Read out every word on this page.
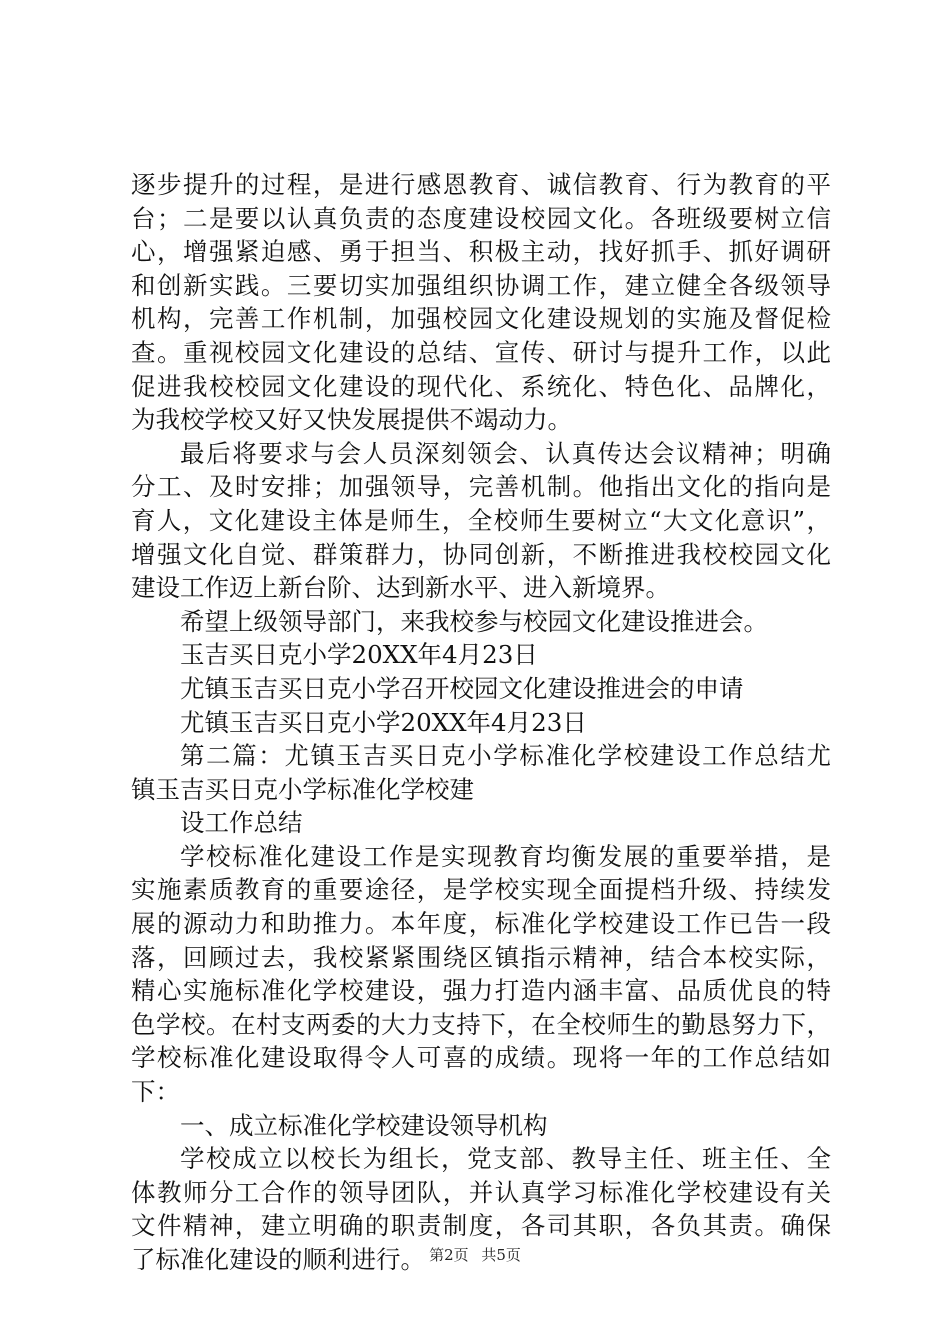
逐步提升的过程，是进行感恩教育、诚信教育、行为教育的平
台；二是要以认真负责的态度建设校园文化。各班级要树立信
心，增强紧迫感、勇于担当、积极主动，找好抓手、抓好调研
和创新实践。三要切实加强组织协调工作，建立健全各级领导
机构，完善工作机制，加强校园文化建设规划的实施及督促检
查。重视校园文化建设的总结、宣传、研讨与提升工作，以此
促进我校校园文化建设的现代化、系统化、特色化、品牌化，
为我校学校又好又快发展提供不竭动力。
最后将要求与会人员深刻领会、认真传达会议精神；明确
分工、及时安排；加强领导，完善机制。他指出文化的指向是
育人，文化建设主体是师生，全校师生要树立“大文化意识”，
增强文化自觉、群策群力，协同创新，不断推进我校校园文化
建设工作迈上新台阶、达到新水平、进入新境界。
希望上级领导部门，来我校参与校园文化建设推进会。
玉吉买日克小学20XX年4月23日
尤镇玉吉买日克小学召开校园文化建设推进会的申请
尤镇玉吉买日克小学20XX年4月23日
第二篇：尤镇玉吉买日克小学标准化学校建设工作总结尤
镇玉吉买日克小学标准化学校建
设工作总结
学校标准化建设工作是实现教育均衡发展的重要举措，是
实施素质教育的重要途径，是学校实现全面提档升级、持续发
展的源动力和助推力。本年度，标准化学校建设工作已告一段
落，回顾过去，我校紧紧围绕区镇指示精神，结合本校实际，
精心实施标准化学校建设，强力打造内涵丰富、品质优良的特
色学校。在村支两委的大力支持下，在全校师生的勤恳努力下，
学校标准化建设取得令人可喜的成绩。现将一年的工作总结如
下：
一、成立标准化学校建设领导机构
学校成立以校长为组长，党支部、教导主任、班主任、全
体教师分工合作的领导团队，并认真学习标准化学校建设有关
文件精神，建立明确的职责制度，各司其职，各负其责。确保
了标准化建设的顺利进行。 第2页 共5页
